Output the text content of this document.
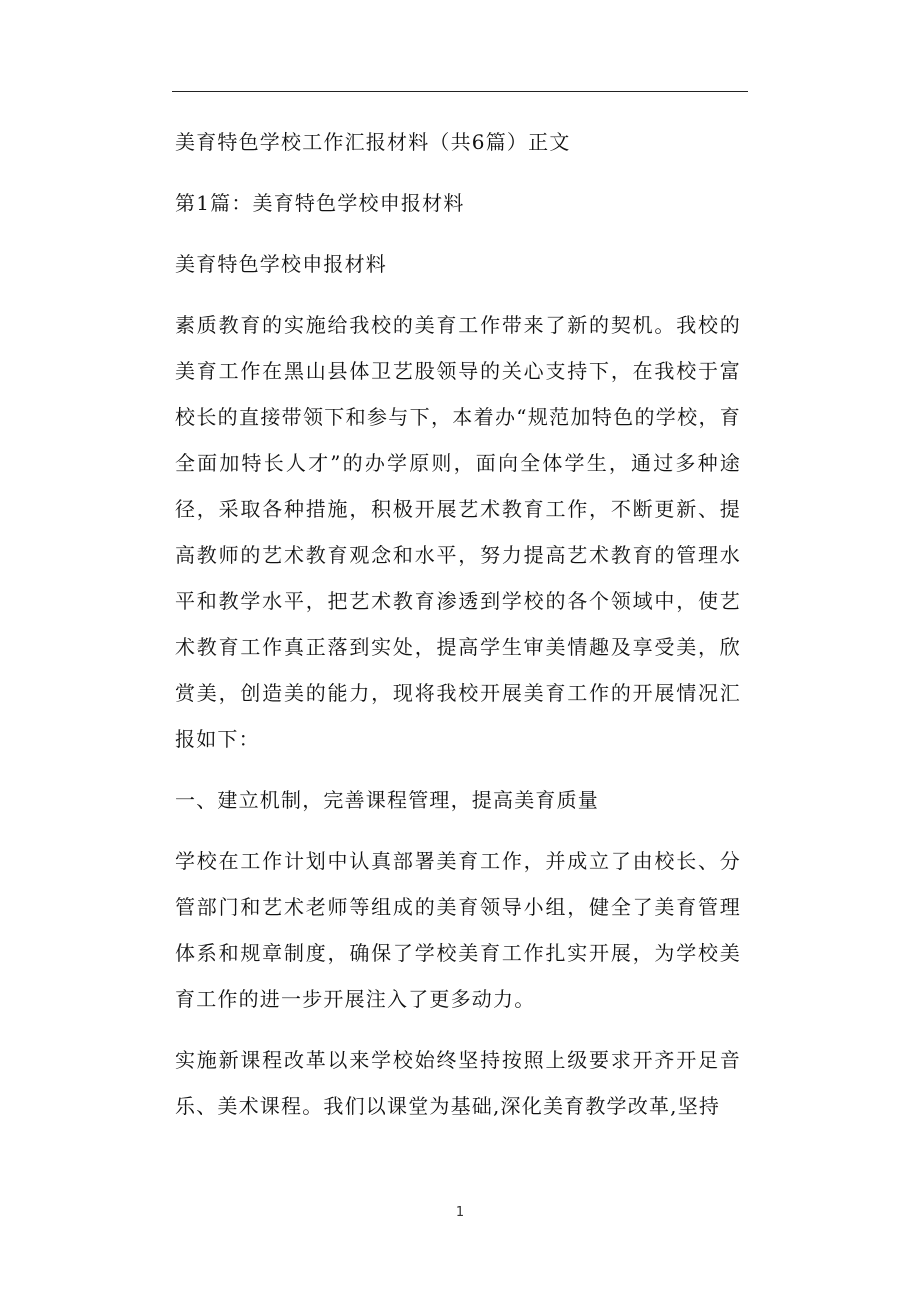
美育特色学校工作汇报材料（共6篇）正文
第1篇：美育特色学校申报材料
美育特色学校申报材料
素质教育的实施给我校的美育工作带来了新的契机。我校的美育工作在黑山县体卫艺股领导的关心支持下，在我校于富校长的直接带领下和参与下，本着办“规范加特色的学校，育全面加特长人才”的办学原则，面向全体学生，通过多种途径，采取各种措施，积极开展艺术教育工作，不断更新、提高教师的艺术教育观念和水平，努力提高艺术教育的管理水平和教学水平，把艺术教育渗透到学校的各个领域中，使艺术教育工作真正落到实处，提高学生审美情趣及享受美，欣赏美，创造美的能力，现将我校开展美育工作的开展情况汇报如下：
一、建立机制，完善课程管理，提高美育质量
学校在工作计划中认真部署美育工作，并成立了由校长、分管部门和艺术老师等组成的美育领导小组，健全了美育管理体系和规章制度，确保了学校美育工作扎实开展，为学校美育工作的进一步开展注入了更多动力。
实施新课程改革以来学校始终坚持按照上级要求开齐开足音乐、美术课程。我们以课堂为基础,深化美育教学改革,坚持
1
